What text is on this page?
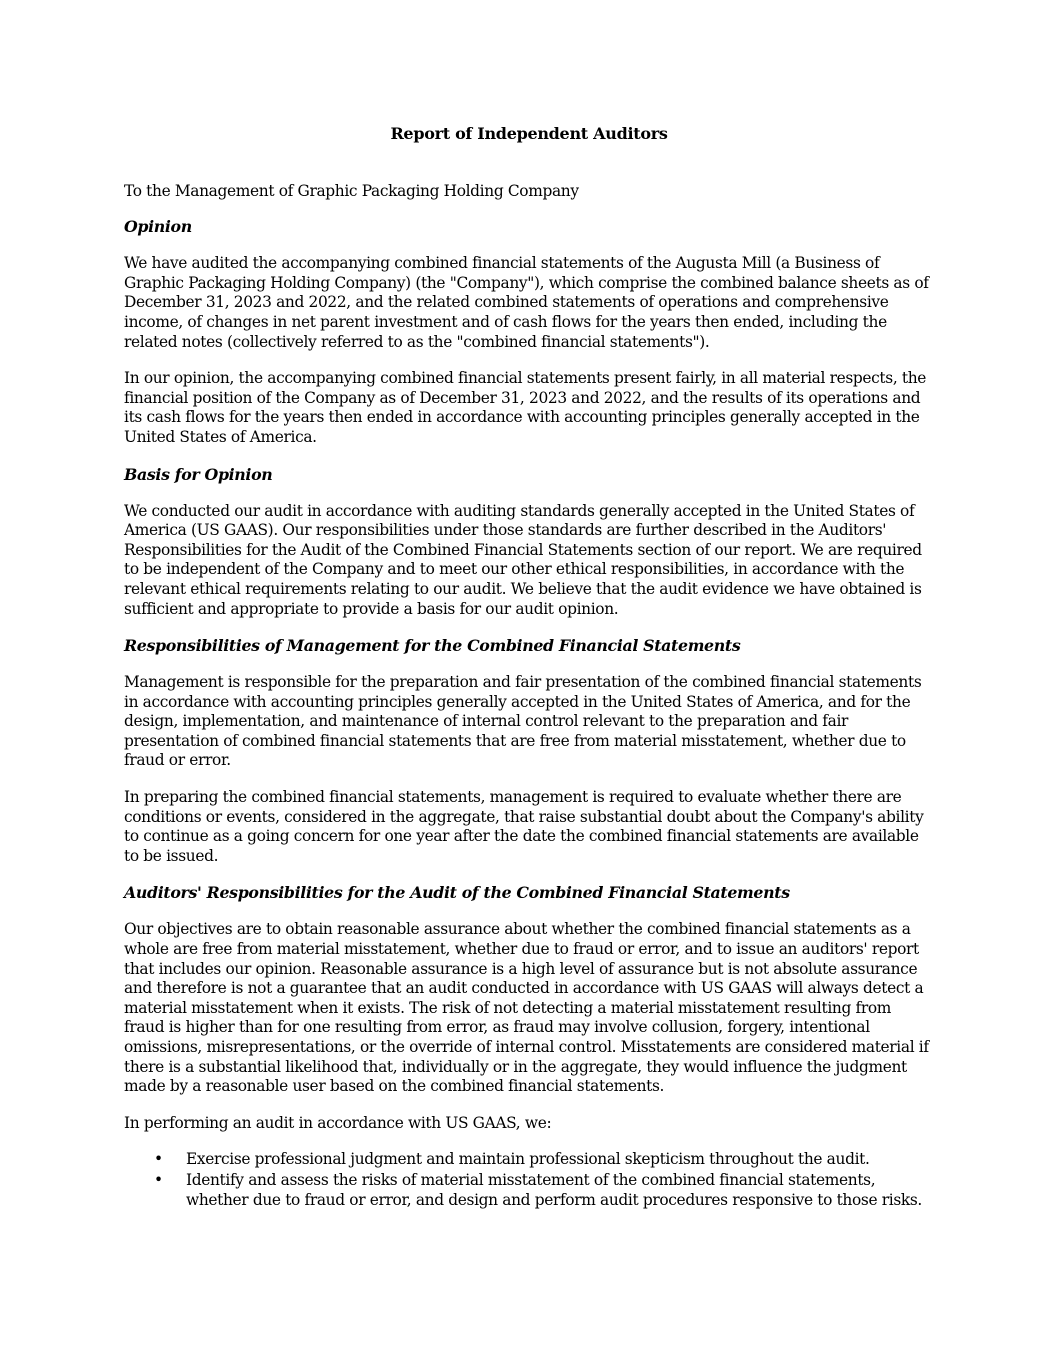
Report of Independent Auditors
To the Management of Graphic Packaging Holding Company
Opinion

We have audited the accompanying combined financial statements of the Augusta Mill (a Business of Graphic Packaging Holding Company) (the "Company"), which comprise the combined balance sheets as of December 31, 2023 and 2022, and the related combined statements of operations and comprehensive income, of changes in net parent investment and of cash flows for the years then ended, including the related notes (collectively referred to as the "combined financial statements").

In our opinion, the accompanying combined financial statements present fairly, in all material respects, the financial position of the Company as of December 31, 2023 and 2022, and the results of its operations and its cash flows for the years then ended in accordance with accounting principles generally accepted in the United States of America.

Basis for Opinion

We conducted our audit in accordance with auditing standards generally accepted in the United States of America (US GAAS). Our responsibilities under those standards are further described in the Auditors' Responsibilities for the Audit of the Combined Financial Statements section of our report. We are required to be independent of the Company and to meet our other ethical responsibilities, in accordance with the relevant ethical requirements relating to our audit. We believe that the audit evidence we have obtained is sufficient and appropriate to provide a basis for our audit opinion.

Responsibilities of Management for the Combined Financial Statements

Management is responsible for the preparation and fair presentation of the combined financial statements in accordance with accounting principles generally accepted in the United States of America, and for the design, implementation, and maintenance of internal control relevant to the preparation and fair presentation of combined financial statements that are free from material misstatement, whether due to fraud or error.

In preparing the combined financial statements, management is required to evaluate whether there are conditions or events, considered in the aggregate, that raise substantial doubt about the Company's ability to continue as a going concern for one year after the date the combined financial statements are available to be issued.

Auditors' Responsibilities for the Audit of the Combined Financial Statements

Our objectives are to obtain reasonable assurance about whether the combined financial statements as a whole are free from material misstatement, whether due to fraud or error, and to issue an auditors' report that includes our opinion. Reasonable assurance is a high level of assurance but is not absolute assurance and therefore is not a guarantee that an audit conducted in accordance with US GAAS will always detect a material misstatement when it exists. The risk of not detecting a material misstatement resulting from fraud is higher than for one resulting from error, as fraud may involve collusion, forgery, intentional omissions, misrepresentations, or the override of internal control. Misstatements are considered material if there is a substantial likelihood that, individually or in the aggregate, they would influence the judgment made by a reasonable user based on the combined financial statements.

In performing an audit in accordance with US GAAS, we:

• Exercise professional judgment and maintain professional skepticism throughout the audit.
• Identify and assess the risks of material misstatement of the combined financial statements, whether due to fraud or error, and design and perform audit procedures responsive to those risks.
